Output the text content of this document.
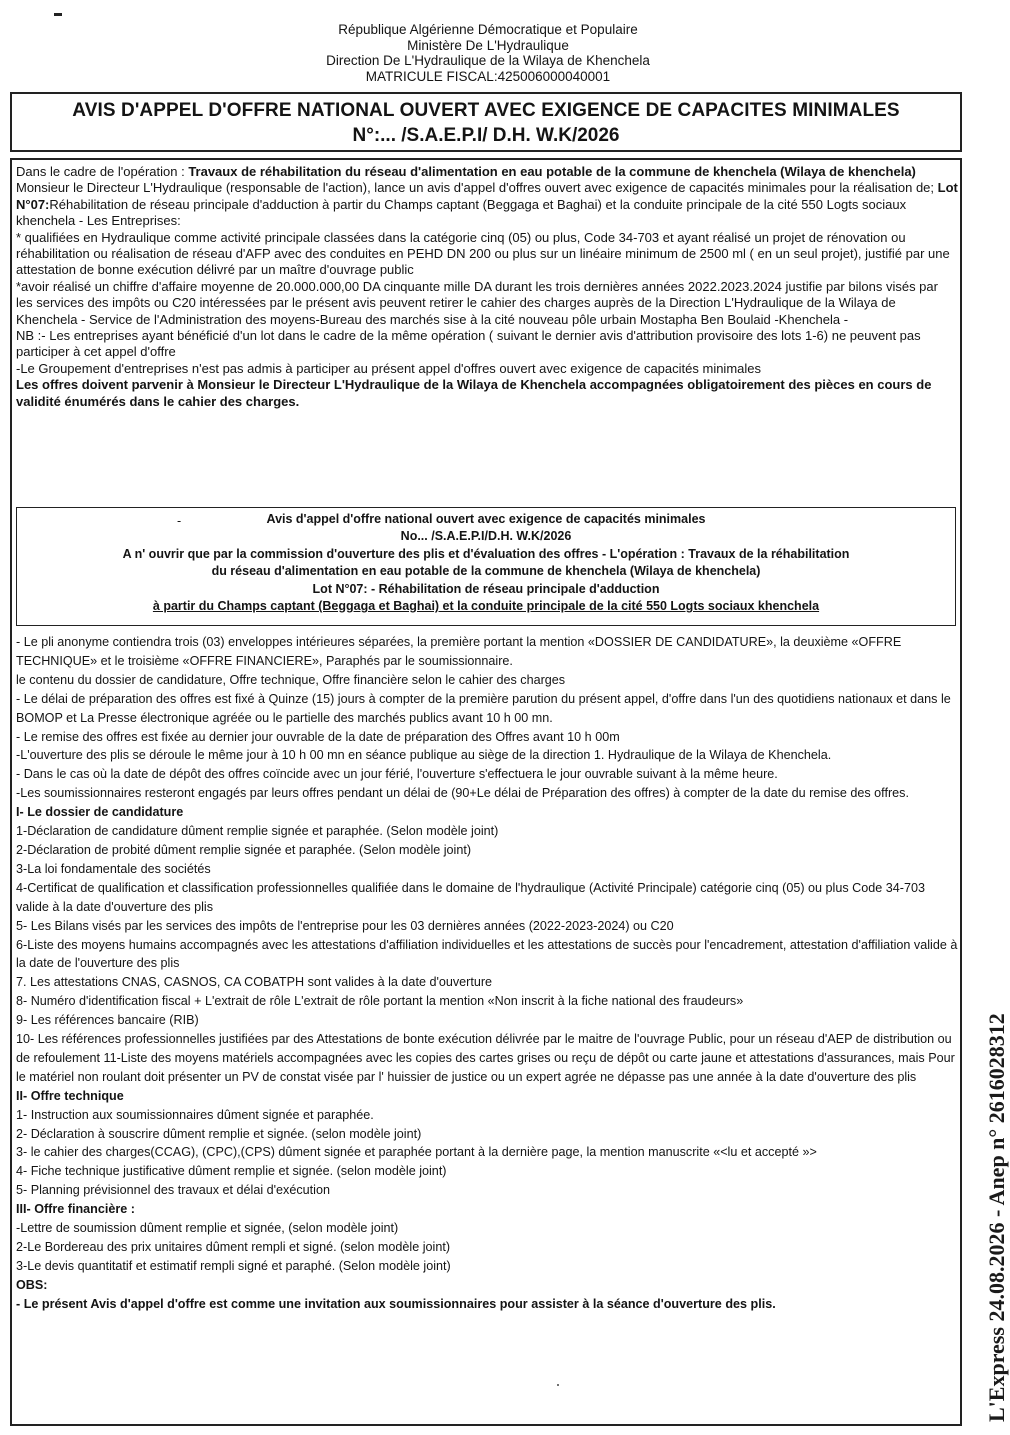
République Algérienne Démocratique et Populaire
Ministère De L'Hydraulique
Direction De L'Hydraulique de la Wilaya de Khenchela
MATRICULE FISCAL:425006000040001
AVIS D'APPEL D'OFFRE NATIONAL OUVERT AVEC EXIGENCE DE CAPACITES MINIMALES
N°:... /S.A.E.P.I/ D.H. W.K/2026

Dans le cadre de l'opération : Travaux de réhabilitation du réseau d'alimentation en eau potable de la commune de khenchela (Wilaya de khenchela)

Monsieur le Directeur L'Hydraulique (responsable de l'action), lance un avis d'appel d'offres ouvert avec exigence de capacités minimales pour la réalisation de; Lot N°07:Réhabilitation de réseau principale d'adduction à partir du Champs captant (Beggaga et Baghai) et la conduite principale de la cité 550 Logts sociaux khenchela - Les Entreprises:

* qualifiées en Hydraulique comme activité principale classées dans la catégorie cinq (05) ou plus, Code 34-703 et ayant réalisé un projet de rénovation ou réhabilitation ou réalisation de réseau d'AFP avec des conduites en PEHD DN 200 ou plus sur un linéaire minimum de 2500 ml ( en un seul projet), justifié par une attestation de bonne exécution délivré par un maître d'ouvrage public

*avoir réalisé un chiffre d'affaire moyenne de 20.000.000,00 DA cinquante mille DA durant les trois dernières années 2022.2023.2024 justifie par bilons visés par les services des impôts ou C20 intéressées par le présent avis peuvent retirer le cahier des charges auprès de la Direction L'Hydraulique de la Wilaya de Khenchela - Service de l'Administration des moyens-Bureau des marchés sise à la cité nouveau pôle urbain Mostapha Ben Boulaid -Khenchela -

NB :- Les entreprises ayant bénéficié d'un lot dans le cadre de la même opération ( suivant le dernier avis d'attribution provisoire des lots 1-6) ne peuvent pas participer à cet appel d'offre

-Le Groupement d'entreprises n'est pas admis à participer au présent appel d'offres ouvert avec exigence de capacités minimales

Les offres doivent parvenir à Monsieur le Directeur L'Hydraulique de la Wilaya de Khenchela accompagnées obligatoirement des pièces en cours de validité énumérés dans le cahier des charges.

-	Avis d'appel d'offre national ouvert avec exigence de capacités minimales
No... /S.A.E.P.I/D.H. W.K/2026
A n' ouvrir que par la commission d'ouverture des plis et d'évaluation des offres - L'opération : Travaux de la réhabilitation
du réseau d'alimentation en eau potable de la commune de khenchela (Wilaya de khenchela)
Lot N°07: - Réhabilitation de réseau principale d'adduction
à partir du Champs captant (Beggaga et Baghai) et la conduite principale de la cité 550 Logts sociaux khenchela

- Le pli anonyme contiendra trois (03) enveloppes intérieures séparées, la première portant la mention «DOSSIER DE CANDIDATURE», la deuxième «OFFRE TECHNIQUE» et le troisième «OFFRE FINANCIERE», Paraphés par le soumissionnaire.

le contenu du dossier de candidature, Offre technique, Offre financière selon le cahier des charges

- Le délai de préparation des offres est fixé à Quinze (15) jours à compter de la première parution du présent appel, d'offre dans l'un des quotidiens nationaux et dans le BOMOP et La Presse électronique agréée ou le partielle des marchés publics avant 10 h 00 mn.

- Le remise des offres est fixée au dernier jour ouvrable de la date de préparation des Offres avant 10 h 00m

-L'ouverture des plis se déroule le même jour à 10 h 00 mn en séance publique au siège de la direction 1. Hydraulique de la Wilaya de Khenchela.

- Dans le cas où la date de dépôt des offres coïncide avec un jour férié, l'ouverture s'effectuera le jour ouvrable suivant à la même heure.

-Les soumissionnaires resteront engagés par leurs offres pendant un délai de (90+Le délai de Préparation des offres) à compter de la date du remise des offres.

I- Le dossier de candidature

1-Déclaration de candidature dûment remplie signée et paraphée. (Selon modèle joint)

2-Déclaration de probité dûment remplie signée et paraphée. (Selon modèle joint)

3-La loi fondamentale des sociétés

4-Certificat de qualification et classification professionnelles qualifiée dans le domaine de l'hydraulique (Activité Principale) catégorie cinq (05) ou plus Code 34-703 valide à la date d'ouverture des plis

5- Les Bilans visés par les services des impôts de l'entreprise pour les 03 dernières années (2022-2023-2024) ou C20

6-Liste des moyens humains accompagnés avec les attestations d'affiliation individuelles et les attestations de succès pour l'encadrement, attestation d'affiliation valide à la date de l'ouverture des plis

7. Les attestations CNAS, CASNOS, CA COBATPH sont valides à la date d'ouverture

8- Numéro d'identification fiscal + L'extrait de rôle L'extrait de rôle portant la mention «Non inscrit à la fiche national des fraudeurs»

9- Les références bancaire (RIB)

10- Les références professionnelles justifiées par des Attestations de bonte exécution délivrée par le maitre de l'ouvrage Public, pour un réseau d'AEP de distribution ou de refoulement 11-Liste des moyens matériels accompagnées avec les copies des cartes grises ou reçu de dépôt ou carte jaune et attestations d'assurances, mais Pour le matériel non roulant doit présenter un PV de constat visée par l' huissier de justice ou un expert agrée ne dépasse pas une année à la date d'ouverture des plis

II- Offre technique

1- Instruction aux soumissionnaires dûment signée et paraphée.

2- Déclaration à souscrire dûment remplie et signée. (selon modèle joint)

3- le cahier des charges(CCAG), (CPC),(CPS) dûment signée et paraphée portant à la dernière page, la mention manuscrite «<lu et accepté »>

4- Fiche technique justificative dûment remplie et signée. (selon modèle joint)

5- Planning prévisionnel des travaux et délai d'exécution

III- Offre financière :

-Lettre de soumission dûment remplie et signée, (selon modèle joint)

2-Le Bordereau des prix unitaires dûment rempli et signé. (selon modèle joint)

3-Le devis quantitatif et estimatif rempli signé et paraphé. (Selon modèle joint)

OBS:

- Le présent Avis d'appel d'offre est comme une invitation aux soumissionnaires pour assister à la séance d'ouverture des plis.	L'Express 24.08.2026 - Anep n° 2616028312
